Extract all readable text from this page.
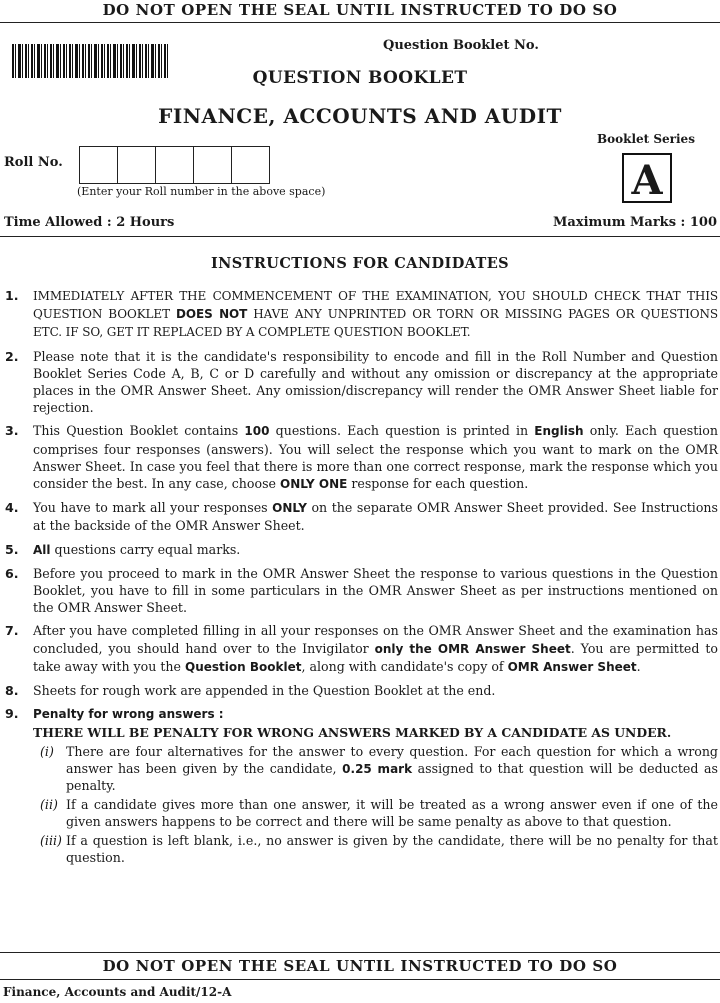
DO NOT OPEN THE SEAL UNTIL INSTRUCTED TO DO SO
Question Booklet No.
QUESTION BOOKLET
FINANCE, ACCOUNTS AND AUDIT
Booklet Series
A
Roll No.
(Enter your Roll number in the above space)
Time Allowed : 2 Hours	Maximum Marks : 100
INSTRUCTIONS FOR CANDIDATES
1. IMMEDIATELY AFTER THE COMMENCEMENT OF THE EXAMINATION, YOU SHOULD CHECK THAT THIS QUESTION BOOKLET DOES NOT HAVE ANY UNPRINTED OR TORN OR MISSING PAGES OR QUESTIONS ETC. IF SO, GET IT REPLACED BY A COMPLETE QUESTION BOOKLET.
2. Please note that it is the candidate's responsibility to encode and fill in the Roll Number and Question Booklet Series Code A, B, C or D carefully and without any omission or discrepancy at the appropriate places in the OMR Answer Sheet. Any omission/discrepancy will render the OMR Answer Sheet liable for rejection.
3. This Question Booklet contains 100 questions. Each question is printed in English only. Each question comprises four responses (answers). You will select the response which you want to mark on the OMR Answer Sheet. In case you feel that there is more than one correct response, mark the response which you consider the best. In any case, choose ONLY ONE response for each question.
4. You have to mark all your responses ONLY on the separate OMR Answer Sheet provided. See Instructions at the backside of the OMR Answer Sheet.
5. All questions carry equal marks.
6. Before you proceed to mark in the OMR Answer Sheet the response to various questions in the Question Booklet, you have to fill in some particulars in the OMR Answer Sheet as per instructions mentioned on the OMR Answer Sheet.
7. After you have completed filling in all your responses on the OMR Answer Sheet and the examination has concluded, you should hand over to the Invigilator only the OMR Answer Sheet. You are permitted to take away with you the Question Booklet, along with candidate's copy of OMR Answer Sheet.
8. Sheets for rough work are appended in the Question Booklet at the end.
9. Penalty for wrong answers :
THERE WILL BE PENALTY FOR WRONG ANSWERS MARKED BY A CANDIDATE AS UNDER.
(i) There are four alternatives for the answer to every question. For each question for which a wrong answer has been given by the candidate, 0.25 mark assigned to that question will be deducted as penalty.
(ii) If a candidate gives more than one answer, it will be treated as a wrong answer even if one of the given answers happens to be correct and there will be same penalty as above to that question.
(iii) If a question is left blank, i.e., no answer is given by the candidate, there will be no penalty for that question.
DO NOT OPEN THE SEAL UNTIL INSTRUCTED TO DO SO
Finance, Accounts and Audit/12-A
